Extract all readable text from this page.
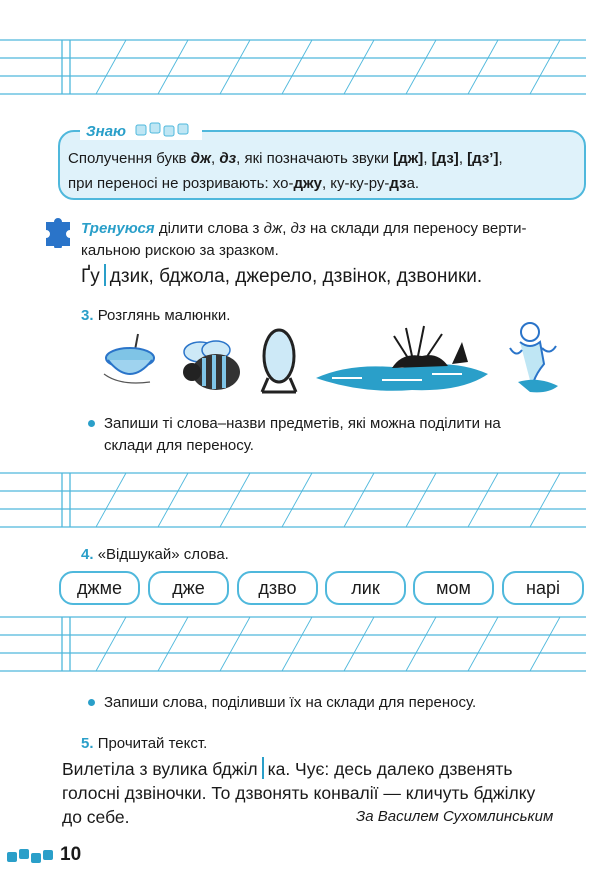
Сполучення букв дж, дз, які позначають звуки [дж], [дз], [дз’],
при переносі не розривають: хо-джу, ку-ку-ру-дза.
Знаю
Тренуюся ділити слова з дж, дз на склади для переносу верти-
кальною рискою за зразком.
Ґу дзик, бджола, джерело, дзвінок, дзвоники.
3. Розглянь малюнки.
Запиши ті слова–назви предметів, які можна поділити на
склади для переносу.
4. «Відшукай» слова.
джме	дже	дзво	лик	мом	нарі
Запиши слова, поділивши їх на склади для переносу.
5. Прочитай текст.
Вилетіла з вулика бджіл ка. Чує: десь далеко дзвенять
голосні дзвіночки. То дзвонять конвалії — кличуть бджілку
до себе.	За Василем Сухомлинським
10
